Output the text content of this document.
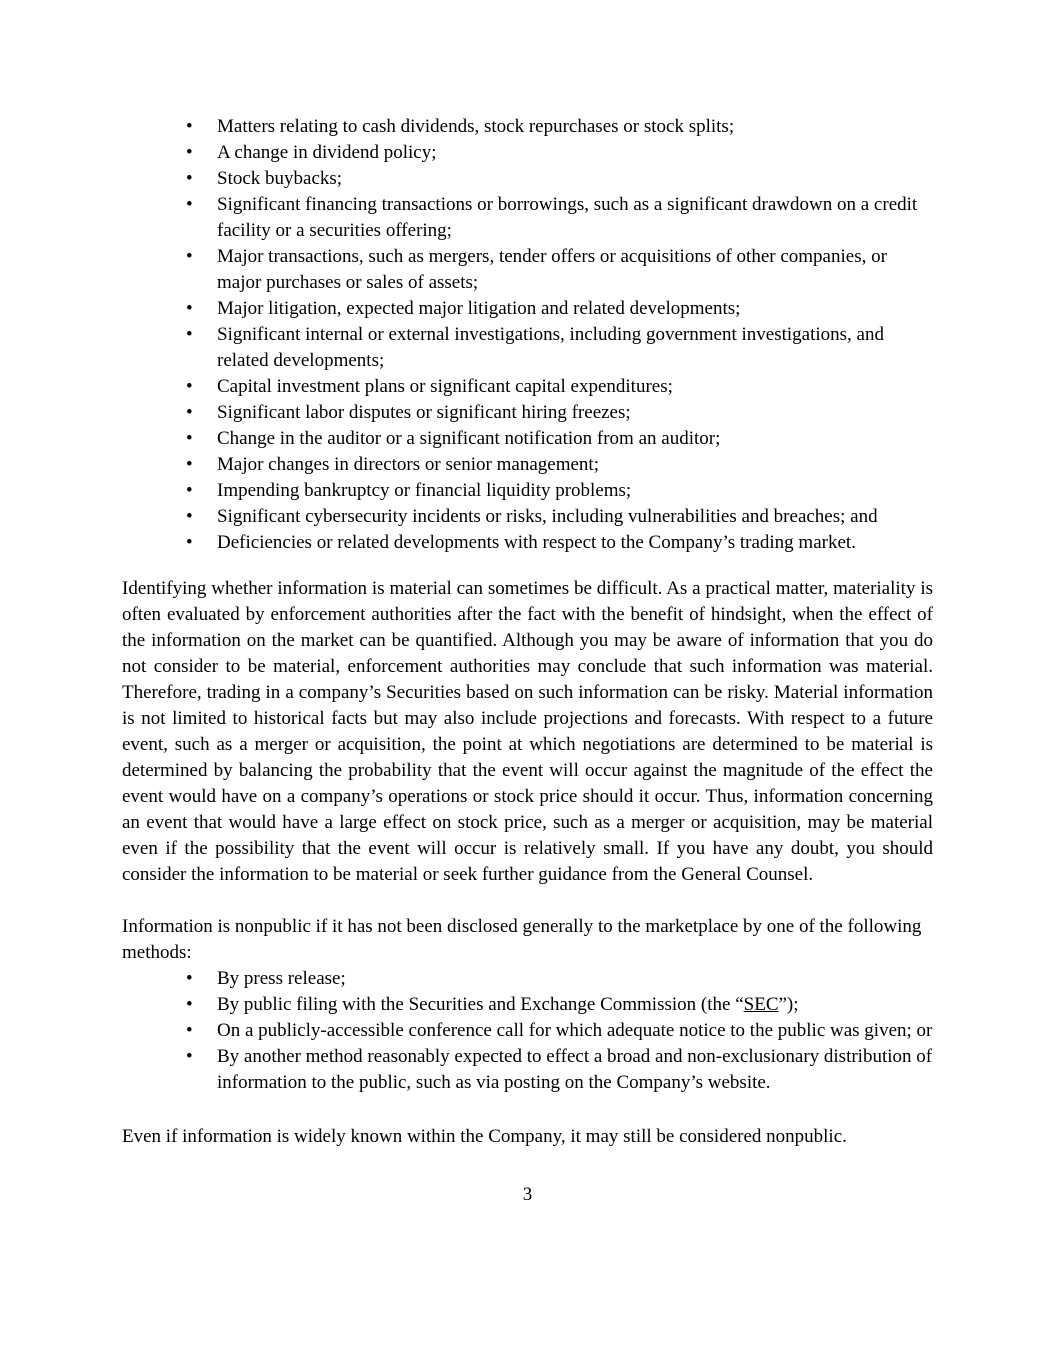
• Matters relating to cash dividends, stock repurchases or stock splits;
• A change in dividend policy;
• Stock buybacks;
• Significant financing transactions or borrowings, such as a significant drawdown on a credit facility or a securities offering;
• Major transactions, such as mergers, tender offers or acquisitions of other companies, or major purchases or sales of assets;
• Major litigation, expected major litigation and related developments;
• Significant internal or external investigations, including government investigations, and related developments;
• Capital investment plans or significant capital expenditures;
• Significant labor disputes or significant hiring freezes;
• Change in the auditor or a significant notification from an auditor;
• Major changes in directors or senior management;
• Impending bankruptcy or financial liquidity problems;
• Significant cybersecurity incidents or risks, including vulnerabilities and breaches; and
• Deficiencies or related developments with respect to the Company’s trading market.

Identifying whether information is material can sometimes be difficult. As a practical matter, materiality is often evaluated by enforcement authorities after the fact with the benefit of hindsight, when the effect of the information on the market can be quantified. Although you may be aware of information that you do not consider to be material, enforcement authorities may conclude that such information was material. Therefore, trading in a company’s Securities based on such information can be risky. Material information is not limited to historical facts but may also include projections and forecasts. With respect to a future event, such as a merger or acquisition, the point at which negotiations are determined to be material is determined by balancing the probability that the event will occur against the magnitude of the effect the event would have on a company’s operations or stock price should it occur. Thus, information concerning an event that would have a large effect on stock price, such as a merger or acquisition, may be material even if the possibility that the event will occur is relatively small. If you have any doubt, you should consider the information to be material or seek further guidance from the General Counsel.

Information is nonpublic if it has not been disclosed generally to the marketplace by one of the following methods:

• By press release;
• By public filing with the Securities and Exchange Commission (the “SEC”);
• On a publicly-accessible conference call for which adequate notice to the public was given; or
• By another method reasonably expected to effect a broad and non-exclusionary distribution of information to the public, such as via posting on the Company’s website.

Even if information is widely known within the Company, it may still be considered nonpublic.

3
